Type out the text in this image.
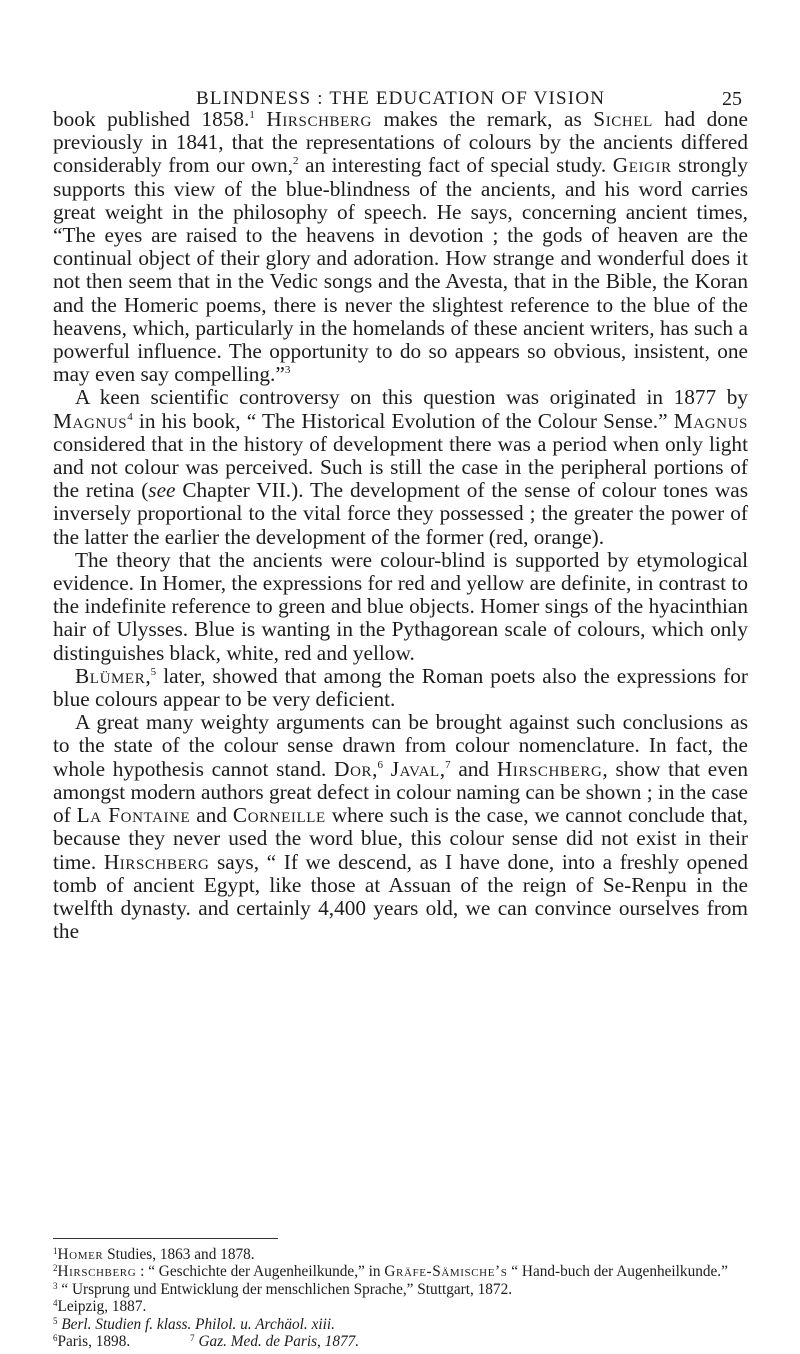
BLINDNESS : THE EDUCATION OF VISION	25

book published 1858.$^1$ Hirschberg makes the remark, as Sichel had done previously in 1841, that the representations of colours by the ancients differed considerably from our own,$^2$ an interesting fact of special study. Geigir strongly supports this view of the blue-blindness of the ancients, and his word carries great weight in the philosophy of speech. He says, concerning ancient times, “The eyes are raised to the heavens in devotion ; the gods of heaven are the continual object of their glory and adoration. How strange and wonderful does it not then seem that in the Vedic songs and the Avesta, that in the Bible, the Koran and the Homeric poems, there is never the slightest reference to the blue of the heavens, which, particularly in the homelands of these ancient writers, has such a powerful influence. The opportunity to do so appears so obvious, insistent, one may even say compelling.”$^3$

A keen scientific controversy on this question was originated in 1877 by Magnus$^4$ in his book, “ The Historical Evolution of the Colour Sense.” Magnus considered that in the history of development there was a period when only light and not colour was perceived. Such is still the case in the peripheral portions of the retina (see Chapter VII.). The development of the sense of colour tones was inversely proportional to the vital force they possessed ; the greater the power of the latter the earlier the development of the former (red, orange).

The theory that the ancients were colour-blind is supported by etymological evidence. In Homer, the expressions for red and yellow are definite, in contrast to the indefinite reference to green and blue objects. Homer sings of the hyacinthian hair of Ulysses. Blue is wanting in the Pythagorean scale of colours, which only distinguishes black, white, red and yellow.

Blümer,$^5$ later, showed that among the Roman poets also the expressions for blue colours appear to be very deficient.

A great many weighty arguments can be brought against such conclusions as to the state of the colour sense drawn from colour nomenclature. In fact, the whole hypothesis cannot stand. Dor,$^6$ Javal,$^7$ and Hirschberg, show that even amongst modern authors great defect in colour naming can be shown ; in the case of La Fontaine and Corneille where such is the case, we cannot conclude that, because they never used the word blue, this colour sense did not exist in their time. Hirschberg says, “ If we descend, as I have done, into a freshly opened tomb of ancient Egypt, like those at Assuan of the reign of Se-Renpu in the twelfth dynasty. and certainly 4,400 years old, we can convince ourselves from the

$^1$Homer Studies, 1863 and 1878.

$^2$Hirschberg : “ Geschichte der Augenheilkunde,” in Gräfe-Sämische’s “ Hand-buch der Augenheilkunde.”

$^3$ “ Ursprung und Entwicklung der menschlichen Sprache,” Stuttgart, 1872.

$^4$Leipzig, 1887.

$^5$ Berl. Studien f. klass. Philol. u. Archäol. xiii.

$^6$Paris, 1898.	$^7$ Gaz. Med. de Paris, 1877.
